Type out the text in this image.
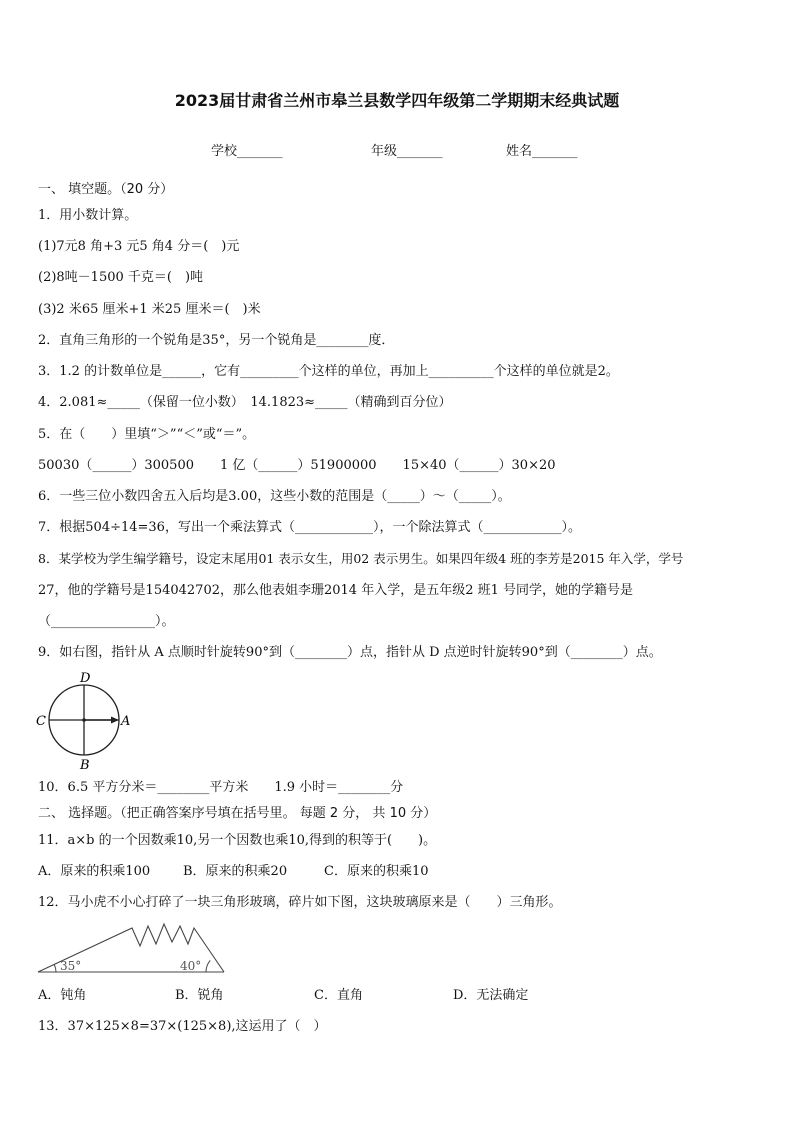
2023届甘肃省兰州市皋兰县数学四年级第二学期期末经典试题
学校_______	年级_______	姓名_______
一、 填空题。（20 分）
1．用小数计算。
(1)7元8 角+3 元5 角4 分＝(　)元
(2)8吨－1500 千克＝(　)吨
(3)2 米65 厘米+1 米25 厘米＝(　)米
2．直角三角形的一个锐角是35°，另一个锐角是________度．
3．1.2 的计数单位是______，它有_________个这样的单位，再加上__________个这样的单位就是2。
4．2.081≈_____（保留一位小数）　14.1823≈_____（精确到百分位）
5．在（　　）里填“＞”“＜”或“＝”。
50030（______）300500　　1 亿（______）51900000　　15×40（______）30×20
6．一些三位小数四舍五入后均是3.00，这些小数的范围是（_____）～（_____）。
7．根据504÷14=36，写出一个乘法算式（____________），一个除法算式（____________）。
8．某学校为学生编学籍号，设定末尾用01 表示女生，用02 表示男生。如果四年级4 班的李芳是2015 年入学，学号
27，他的学籍号是154042702，那么他表姐李珊2014 年入学，是五年级2 班1 号同学，她的学籍号是
（________________）。
9．如右图，指针从 A 点顺时针旋转90°到（________）点，指针从 D 点逆时针旋转90°到（________）点。
D
C	A
B
10．6.5 平方分米＝________平方米　　1.9 小时＝________分
二、 选择题。（把正确答案序号填在括号里。 每题 2 分， 共 10 分）
11．a×b 的一个因数乘10,另一个因数也乘10,得到的积等于(　　)。
A．原来的积乘100	B．原来的积乘20	C．原来的积乘10
12．马小虎不小心打碎了一块三角形玻璃，碎片如下图，这块玻璃原来是（　　）三角形。
35°	40°
A．钝角	B．锐角	C．直角	D．无法确定
13．37×125×8=37×(125×8),这运用了（　）
